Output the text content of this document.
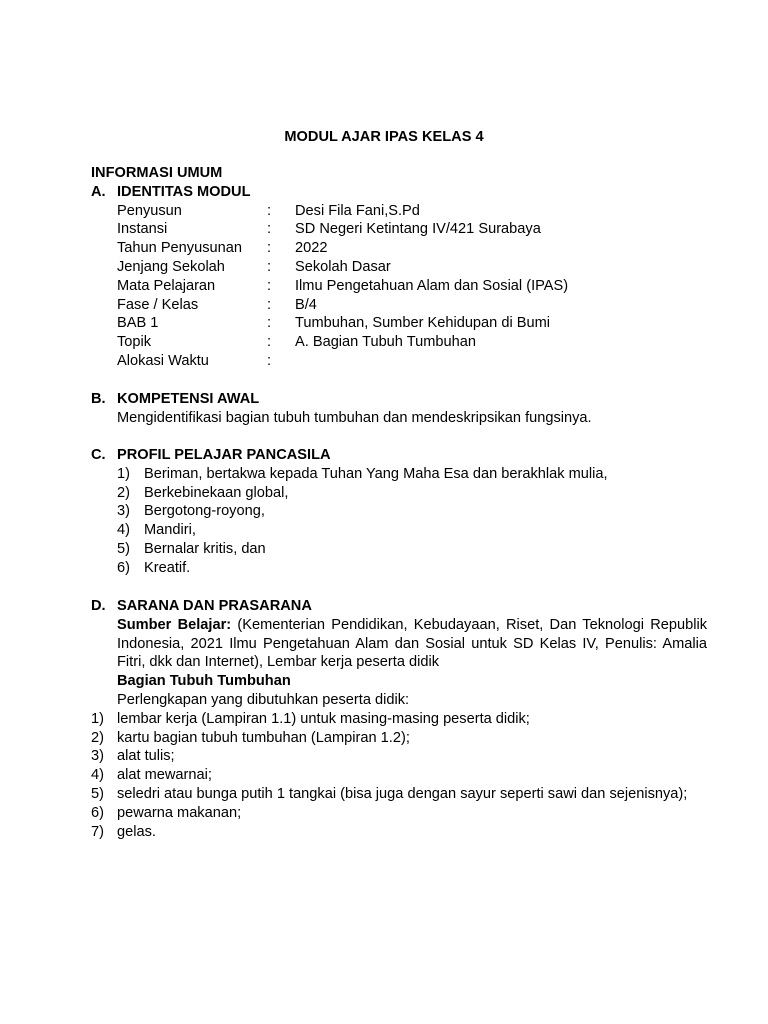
MODUL AJAR IPAS KELAS 4
INFORMASI UMUM
A. IDENTITAS MODUL
Penyusun	:	Desi Fila Fani,S.Pd
Instansi	:	SD Negeri Ketintang IV/421 Surabaya
Tahun Penyusunan	:	2022
Jenjang Sekolah	:	Sekolah Dasar
Mata Pelajaran	:	Ilmu Pengetahuan Alam dan Sosial (IPAS)
Fase / Kelas	:	B/4
BAB 1	:	Tumbuhan, Sumber Kehidupan di Bumi
Topik	:	A. Bagian Tubuh Tumbuhan
Alokasi Waktu	:
B. KOMPETENSI AWAL
Mengidentifikasi bagian tubuh tumbuhan dan mendeskripsikan fungsinya.
C. PROFIL PELAJAR PANCASILA
1) Beriman, bertakwa kepada Tuhan Yang Maha Esa dan berakhlak mulia,
2) Berkebinekaan global,
3) Bergotong-royong,
4) Mandiri,
5) Bernalar kritis, dan
6) Kreatif.
D. SARANA DAN PRASARANA
Sumber Belajar: (Kementerian Pendidikan, Kebudayaan, Riset, Dan Teknologi Republik Indonesia, 2021 Ilmu Pengetahuan Alam dan Sosial untuk SD Kelas IV, Penulis: Amalia Fitri, dkk dan Internet), Lembar kerja peserta didik
Bagian Tubuh Tumbuhan
Perlengkapan yang dibutuhkan peserta didik:
1) lembar kerja (Lampiran 1.1) untuk masing-masing peserta didik;
2) kartu bagian tubuh tumbuhan (Lampiran 1.2);
3) alat tulis;
4) alat mewarnai;
5) seledri atau bunga putih 1 tangkai (bisa juga dengan sayur seperti sawi dan sejenisnya);
6) pewarna makanan;
7) gelas.
